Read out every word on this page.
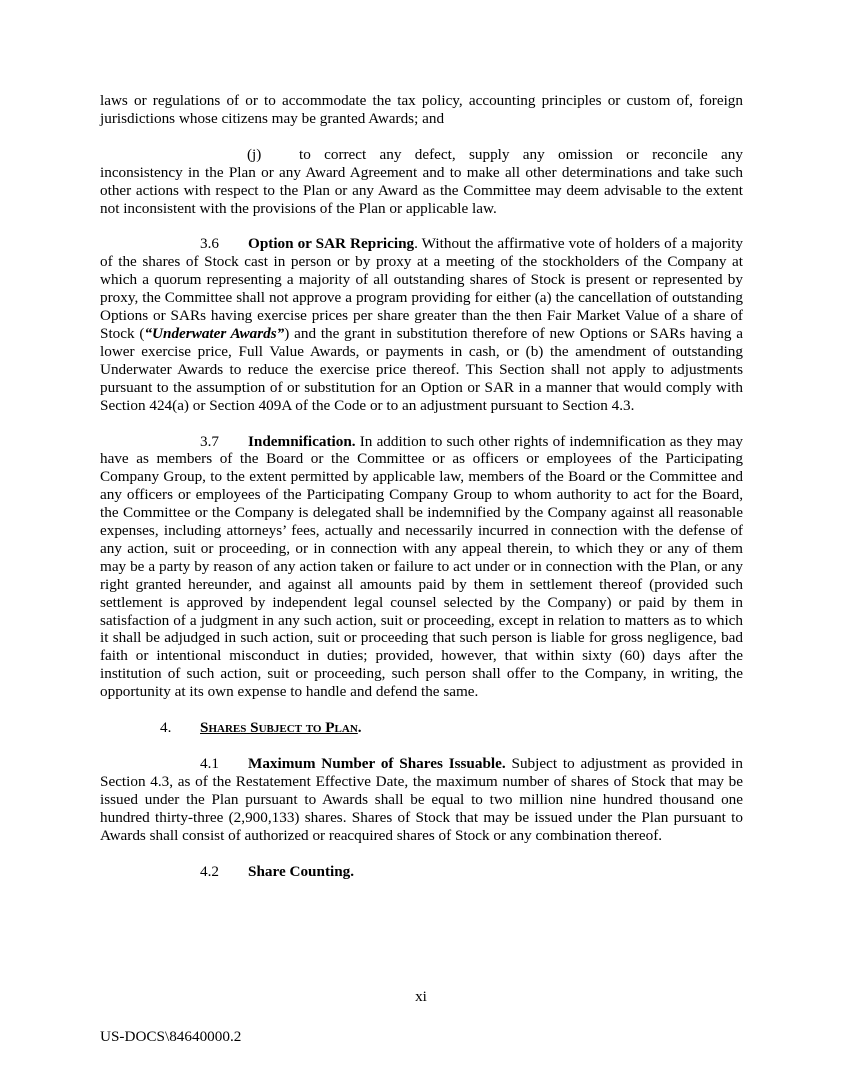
laws or regulations of or to accommodate the tax policy, accounting principles or custom of, foreign jurisdictions whose citizens may be granted Awards; and

(j) to correct any defect, supply any omission or reconcile any inconsistency in the Plan or any Award Agreement and to make all other determinations and take such other actions with respect to the Plan or any Award as the Committee may deem advisable to the extent not inconsistent with the provisions of the Plan or applicable law.

3.6 Option or SAR Repricing. Without the affirmative vote of holders of a majority of the shares of Stock cast in person or by proxy at a meeting of the stockholders of the Company at which a quorum representing a majority of all outstanding shares of Stock is present or represented by proxy, the Committee shall not approve a program providing for either (a) the cancellation of outstanding Options or SARs having exercise prices per share greater than the then Fair Market Value of a share of Stock (“Underwater Awards”) and the grant in substitution therefore of new Options or SARs having a lower exercise price, Full Value Awards, or payments in cash, or (b) the amendment of outstanding Underwater Awards to reduce the exercise price thereof. This Section shall not apply to adjustments pursuant to the assumption of or substitution for an Option or SAR in a manner that would comply with Section 424(a) or Section 409A of the Code or to an adjustment pursuant to Section 4.3.

3.7 Indemnification. In addition to such other rights of indemnification as they may have as members of the Board or the Committee or as officers or employees of the Participating Company Group, to the extent permitted by applicable law, members of the Board or the Committee and any officers or employees of the Participating Company Group to whom authority to act for the Board, the Committee or the Company is delegated shall be indemnified by the Company against all reasonable expenses, including attorneys’ fees, actually and necessarily incurred in connection with the defense of any action, suit or proceeding, or in connection with any appeal therein, to which they or any of them may be a party by reason of any action taken or failure to act under or in connection with the Plan, or any right granted hereunder, and against all amounts paid by them in settlement thereof (provided such settlement is approved by independent legal counsel selected by the Company) or paid by them in satisfaction of a judgment in any such action, suit or proceeding, except in relation to matters as to which it shall be adjudged in such action, suit or proceeding that such person is liable for gross negligence, bad faith or intentional misconduct in duties; provided, however, that within sixty (60) days after the institution of such action, suit or proceeding, such person shall offer to the Company, in writing, the opportunity at its own expense to handle and defend the same.

4. Shares Subject to Plan.

4.1 Maximum Number of Shares Issuable. Subject to adjustment as provided in Section 4.3, as of the Restatement Effective Date, the maximum number of shares of Stock that may be issued under the Plan pursuant to Awards shall be equal to two million nine hundred thousand one hundred thirty-three (2,900,133) shares. Shares of Stock that may be issued under the Plan pursuant to Awards shall consist of authorized or reacquired shares of Stock or any combination thereof.

4.2 Share Counting.

xi
US-DOCS\84640000.2
